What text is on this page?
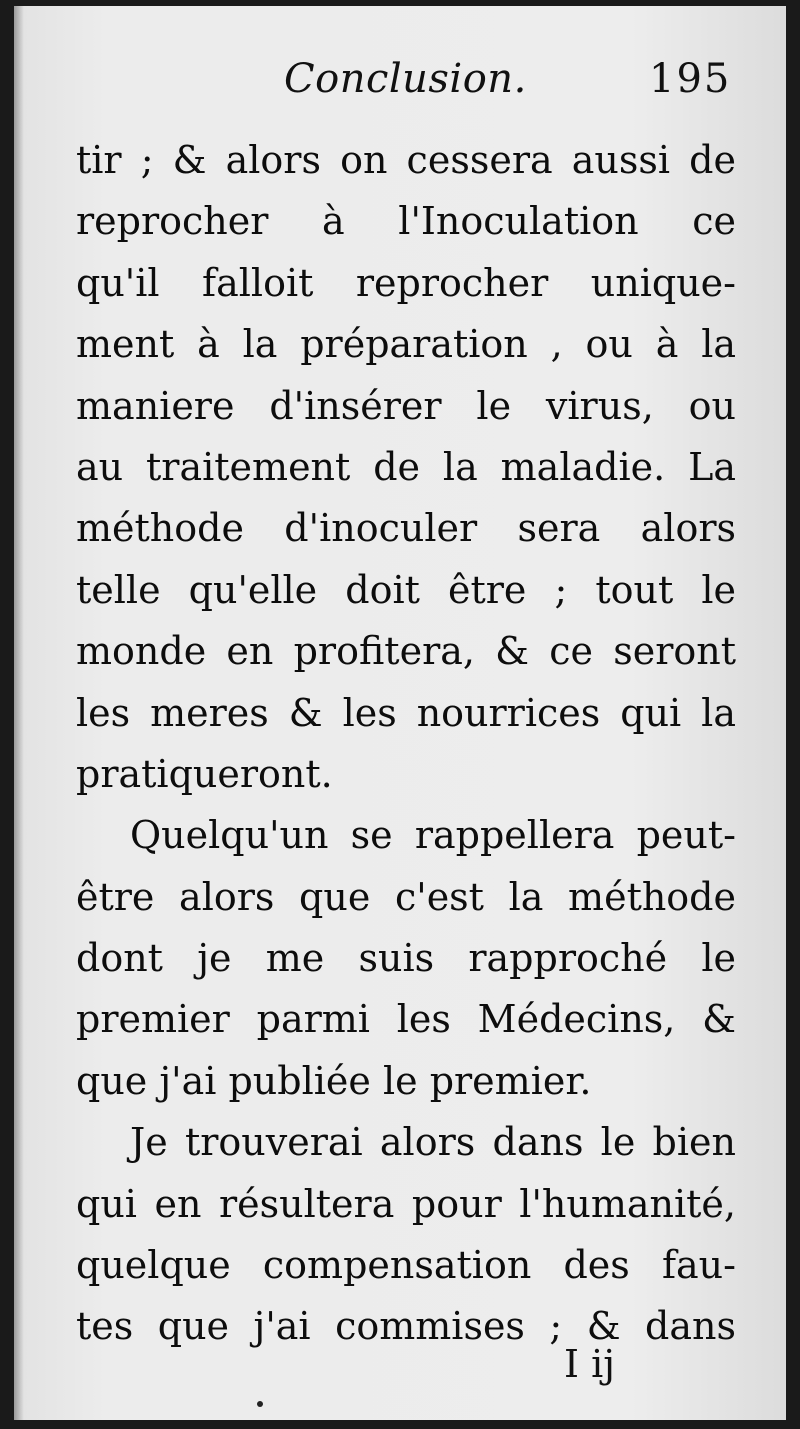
Conclusion.	195
tir ; & alors on cessera aussi de
reprocher à l'Inoculation ce
qu'il falloit reprocher unique-
ment à la préparation , ou à la
maniere d'insérer le virus, ou
au traitement de la maladie. La
méthode d'inoculer sera alors
telle qu'elle doit être ; tout le
monde en profitera, & ce seront
les meres & les nourrices qui la
pratiqueront.
Quelqu'un se rappellera peut-
être alors que c'est la méthode
dont je me suis rapproché le
premier parmi les Médecins, &
que j'ai publiée le premier.
Je trouverai alors dans le bien
qui en résultera pour l'humanité,
quelque compensation des fau-
tes que j'ai commises ; & dans
I ij
